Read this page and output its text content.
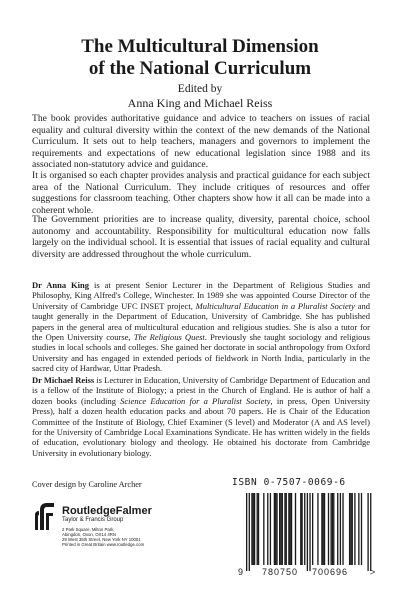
The Multicultural Dimension
of the National Curriculum
Edited by
Anna King and Michael Reiss

The book provides authoritative guidance and advice to teachers on issues of racial equality and cultural diversity within the context of the new demands of the National Curriculum. It sets out to help teachers, managers and governors to implement the requirements and expectations of new educational legislation since 1988 and its associated non-statutory advice and guidance.

It is organised so each chapter provides analysis and practical guidance for each subject area of the National Curriculum. They include critiques of resources and offer suggestions for classroom teaching. Other chapters show how it all can be made into a coherent whole.

The Government priorities are to increase quality, diversity, parental choice, school autonomy and accountability. Responsibility for multicultural education now falls largely on the individual school. It is essential that issues of racial equality and cultural diversity are addressed throughout the whole curriculum.

Dr Anna King is at present Senior Lecturer in the Department of Religious Studies and Philosophy, King Alfred's College, Winchester. In 1989 she was appointed Course Director of the University of Cambridge UFC INSET project, Multicultural Education in a Pluralist Society and taught generally in the Department of Education, University of Cambridge. She has published papers in the general area of multicultural education and religious studies. She is also a tutor for the Open University course, The Religious Quest. Previously she taught sociology and religious studies in local schools and colleges. She gained her doctorate in social anthropology from Oxford University and has engaged in extended periods of fieldwork in North India, particularly in the sacred city of Hardwar, Uttar Pradesh.

Dr Michael Reiss is Lecturer in Education, University of Cambridge Department of Education and is a fellow of the Institute of Biology; a priest in the Church of England. He is author of half a dozen books (including Science Education for a Pluralist Society, in press, Open University Press), half a dozen health education packs and about 70 papers. He is Chair of the Education Committee of the Institute of Biology, Chief Examiner (S level) and Moderator (A and AS level) for the University of Cambridge Local Examinations Syndicate. He has written widely in the fields of education, evolutionary biology and theology. He obtained his doctorate from Cambridge University in evolutionary biology.

Cover design by Caroline Archer
RoutledgeFalmer
Taylor & Francis Group
2 Park Square, Milton Park,
Abingdon, Oxon, OX14 4RN
29 West 35th Street, New York NY 10001
Printed in Great Britain www.routledge.com
ISBN 0-7507-0069-6
9 780750 700696 >
